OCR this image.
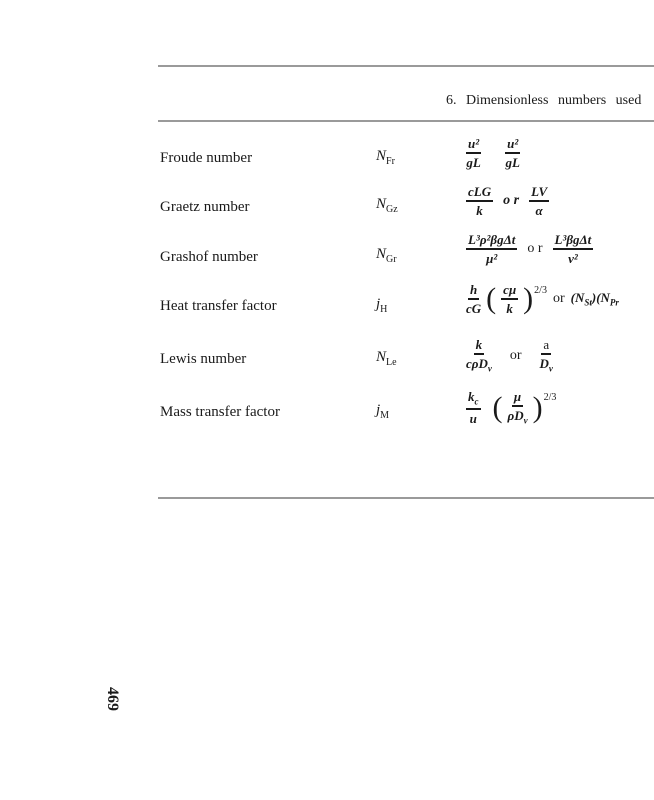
6. Dimensionless numbers used
Froude number
Graetz number
Grashof number
Heat transfer factor
Lewis number
Mass transfer factor
$N_{Fr}$
$N_{Gz}$
$N_{Gr}$
$j_H$
$N_{Le}$
$j_M$
$\frac{\text{u²}}{gL} \frac{\text{u²}}{gL}$
$\frac{\text{cLG}}{k}$ o r $\frac{LV}{\alpha}$
$\frac{\text{L³ρ²βgΔt}}{\text{μ²}}$ o r $\frac{\text{L³βgΔt}}{\text{ν²}}$
$\frac{h}{cG}$ ( $\frac{c\mu}{k}$ ) 2/3
or $(N_{St})(N_{Pr}$
$\frac{k}{c\rho D_v}$ or $\frac{a}{D_v}$
$\frac{k_c}{u}$ ( $\frac{\mu}{\rho D_v}$ ) 2/3
469
